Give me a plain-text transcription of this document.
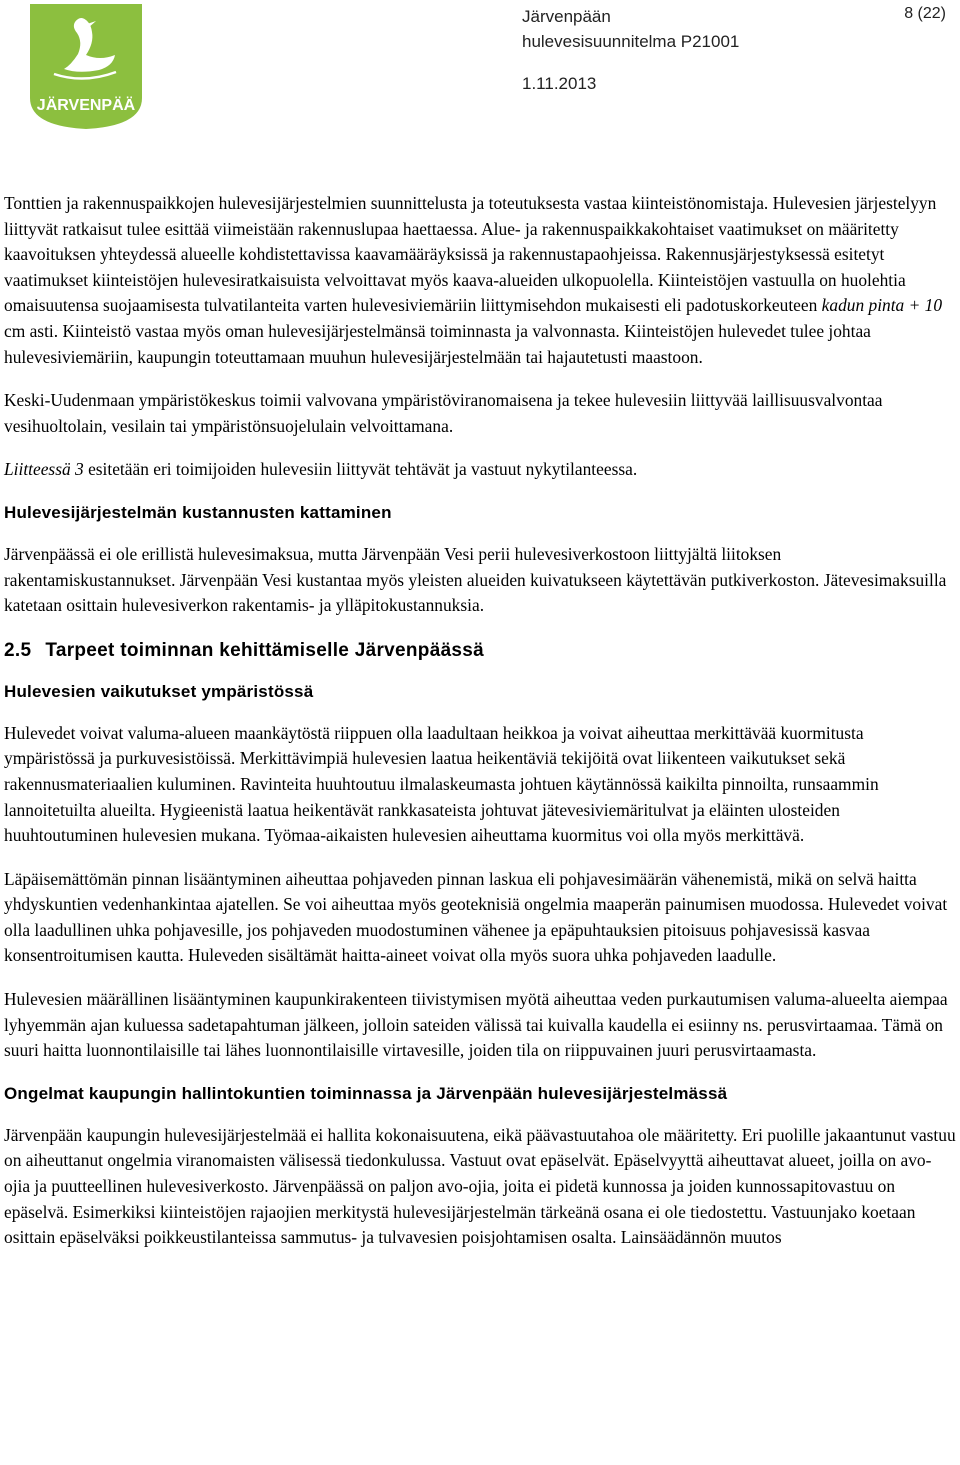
JÄRVENPÄÄ
Järvenpään
hulevesisuunnitelma P21001
1.11.2013
8 (22)

Tonttien ja rakennuspaikkojen hulevesijärjestelmien suunnittelusta ja toteutuksesta vastaa kiinteistönomistaja. Hulevesien järjestelyyn liittyvät ratkaisut tulee esittää viimeistään rakennuslupaa haettaessa. Alue- ja rakennuspaikkakohtaiset vaatimukset on määritetty kaavoituksen yhteydessä alueelle kohdistettavissa kaavamääräyksissä ja rakennustapaohjeissa. Rakennusjärjestyksessä esitetyt vaatimukset kiinteistöjen hulevesiratkaisuista velvoittavat myös kaava-alueiden ulkopuolella. Kiinteistöjen vastuulla on huolehtia omaisuutensa suojaamisesta tulvatilanteita varten hulevesiviemäriin liittymisehdon mukaisesti eli padotuskorkeuteen kadun pinta + 10 cm asti. Kiinteistö vastaa myös oman hulevesijärjestelmänsä toiminnasta ja valvonnasta. Kiinteistöjen hulevedet tulee johtaa hulevesiviemäriin, kaupungin toteuttamaan muuhun hulevesijärjestelmään tai hajautetusti maastoon.

Keski-Uudenmaan ympäristökeskus toimii valvovana ympäristöviranomaisena ja tekee hulevesiin liittyvää laillisuusvalvontaa vesihuoltolain, vesilain tai ympäristönsuojelulain velvoittamana.

Liitteessä 3 esitetään eri toimijoiden hulevesiin liittyvät tehtävät ja vastuut nykytilanteessa.

Hulevesijärjestelmän kustannusten kattaminen

Järvenpäässä ei ole erillistä hulevesimaksua, mutta Järvenpään Vesi perii hulevesiverkostoon liittyjältä liitoksen rakentamiskustannukset. Järvenpään Vesi kustantaa myös yleisten alueiden kuivatukseen käytettävän putkiverkoston. Jätevesimaksuilla katetaan osittain hulevesiverkon rakentamis- ja ylläpitokustannuksia.

2.5 Tarpeet toiminnan kehittämiselle Järvenpäässä
Hulevesien vaikutukset ympäristössä

Hulevedet voivat valuma-alueen maankäytöstä riippuen olla laadultaan heikkoa ja voivat aiheuttaa merkittävää kuormitusta ympäristössä ja purkuvesistöissä. Merkittävimpiä hulevesien laatua heikentäviä tekijöitä ovat liikenteen vaikutukset sekä rakennusmateriaalien kuluminen. Ravinteita huuhtoutuu ilmalaskeumasta johtuen käytännössä kaikilta pinnoilta, runsaammin lannoitetuilta alueilta. Hygieenistä laatua heikentävät rankkasateista johtuvat jätevesiviemäritulvat ja eläinten ulosteiden huuhtoutuminen hulevesien mukana. Työmaa-aikaisten hulevesien aiheuttama kuormitus voi olla myös merkittävä.

Läpäisemättömän pinnan lisääntyminen aiheuttaa pohjaveden pinnan laskua eli pohjavesimäärän vähenemistä, mikä on selvä haitta yhdyskuntien vedenhankintaa ajatellen. Se voi aiheuttaa myös geoteknisiä ongelmia maaperän painumisen muodossa. Hulevedet voivat olla laadullinen uhka pohjavesille, jos pohjaveden muodostuminen vähenee ja epäpuhtauksien pitoisuus pohjavesissä kasvaa konsentroitumisen kautta. Huleveden sisältämät haitta-aineet voivat olla myös suora uhka pohjaveden laadulle.

Hulevesien määrällinen lisääntyminen kaupunkirakenteen tiivistymisen myötä aiheuttaa veden purkautumisen valuma-alueelta aiempaa lyhyemmän ajan kuluessa sadetapahtuman jälkeen, jolloin sateiden välissä tai kuivalla kaudella ei esiinny ns. perusvirtaamaa. Tämä on suuri haitta luonnontilaisille tai lähes luonnontilaisille virtavesille, joiden tila on riippuvainen juuri perusvirtaamasta.

Ongelmat kaupungin hallintokuntien toiminnassa ja Järvenpään hulevesijärjestelmässä

Järvenpään kaupungin hulevesijärjestelmää ei hallita kokonaisuutena, eikä päävastuutahoa ole määritetty. Eri puolille jakaantunut vastuu on aiheuttanut ongelmia viranomaisten välisessä tiedonkulussa. Vastuut ovat epäselvät. Epäselvyyttä aiheuttavat alueet, joilla on avo-ojia ja puutteellinen hulevesiverkosto. Järvenpäässä on paljon avo-ojia, joita ei pidetä kunnossa ja joiden kunnossapitovastuu on epäselvä. Esimerkiksi kiinteistöjen rajaojien merkitystä hulevesijärjestelmän tärkeänä osana ei ole tiedostettu. Vastuunjako koetaan osittain epäselväksi poikkeustilanteissa sammutus- ja tulvavesien poisjohtamisen osalta. Lainsäädännön muutos
